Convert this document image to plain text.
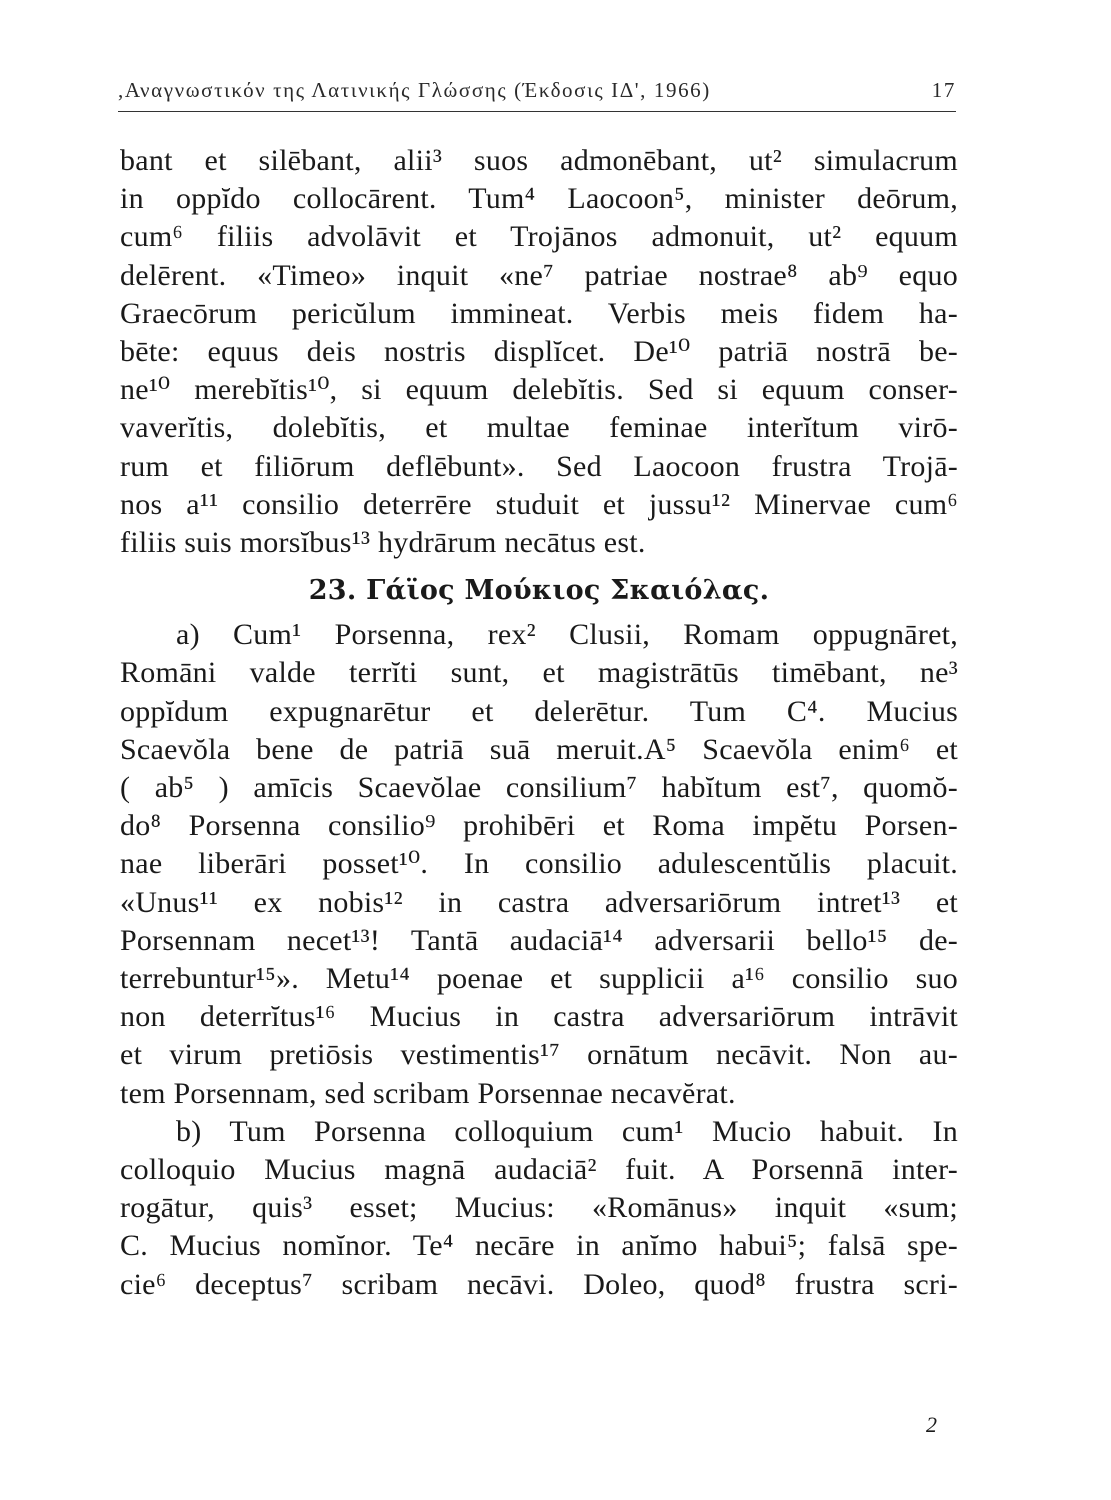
,Αναγνωστικόν της Λατινικής Γλώσσης (Έκδοσις ΙΔ', 1966)	17
bant et silēbant, alii³ suos admonēbant, ut² simulacrum
in oppĭdo collocārent. Tum⁴ Laocoon⁵, minister deōrum,
cum⁶ filiis advolāvit et Trojānos admonuit, ut² equum
delērent. «Timeo» inquit «ne⁷ patriae nostrae⁸ ab⁹ equo
Graecōrum pericŭlum immineat. Verbis meis fidem ha-
bēte: equus deis nostris displĭcet. De¹⁰ patriā nostrā be-
ne¹⁰ merebĭtis¹⁰, si equum delebĭtis. Sed si equum conser-
vaverĭtis, dolebĭtis, et multae feminae interĭtum virō-
rum et filiōrum deflēbunt». Sed Laocoon frustra Trojā-
nos a¹¹ consilio deterrēre studuit et jussu¹² Minervae cum⁶
filiis suis morsĭbus¹³ hydrārum necātus est.
23. Γάϊος Μούκιος Σκαιόλας.
a) Cum¹ Porsenna, rex² Clusii, Romam oppugnāret,
Romāni valde terrĭti sunt, et magistrātūs timēbant, ne³
oppĭdum expugnarētur et delerētur. Tum C⁴. Mucius
Scaevŏla bene de patriā suā meruit.A⁵ Scaevŏla enim⁶ et
( ab⁵ ) amīcis Scaevŏlae consilium⁷ habĭtum est⁷, quomŏ-
do⁸ Porsenna consilio⁹ prohibēri et Roma impĕtu Porsen-
nae liberāri posset¹⁰. In consilio adulescentŭlis placuit.
«Unus¹¹ ex nobis¹² in castra adversariōrum intret¹³ et
Porsennam necet¹³! Tantā audaciā¹⁴ adversarii bello¹⁵ de-
terrebuntur¹⁵». Metu¹⁴ poenae et supplicii a¹⁶ consilio suo
non deterrĭtus¹⁶ Mucius in castra adversariōrum intrāvit
et virum pretiōsis vestimentis¹⁷ ornātum necāvit. Non au-
tem Porsennam, sed scribam Porsennae necavĕrat.
b) Tum Porsenna colloquium cum¹ Mucio habuit. In
colloquio Mucius magnā audaciā² fuit. A Porsennā inter-
rogātur, quis³ esset; Mucius: «Romānus» inquit «sum;
C. Mucius nomĭnor. Te⁴ necāre in anĭmo habui⁵; falsā spe-
cie⁶ deceptus⁷ scribam necāvi. Doleo, quod⁸ frustra scri-
2
